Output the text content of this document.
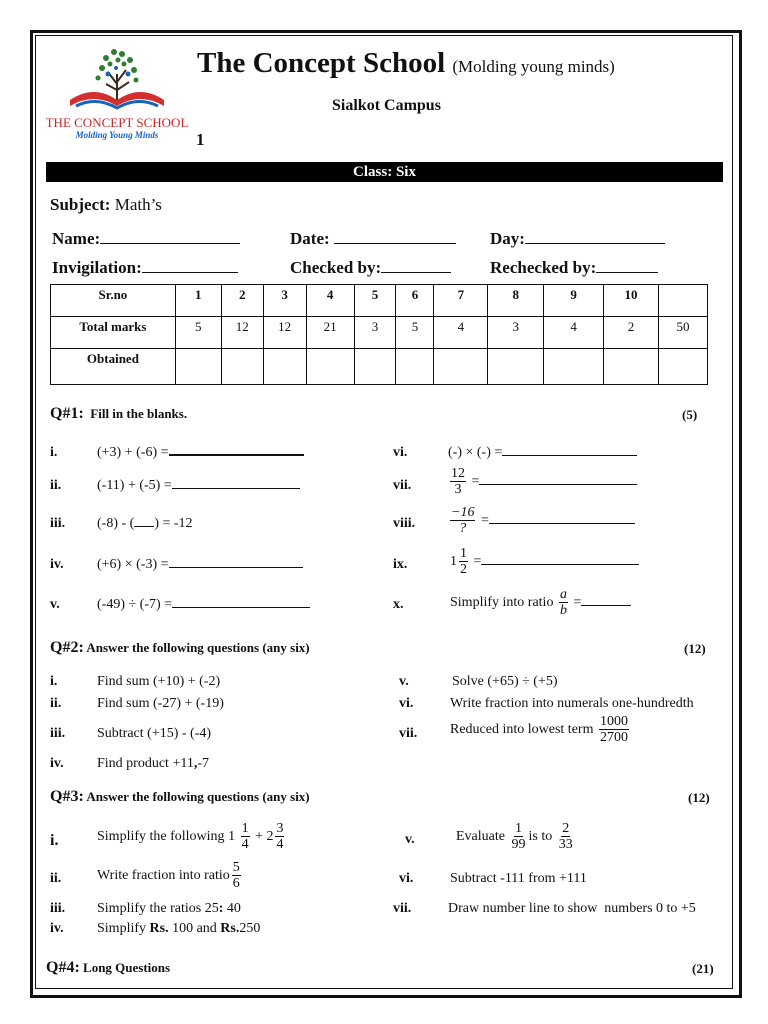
THE CONCEPT SCHOOL
Molding Young Minds
The Concept School (Molding young minds)
Sialkot Campus
1
Class: Six
Subject: Math’s
Name:	Date:	Day:
Invigilation:	Checked by:	Rechecked by:
Sr.no	1	2	3	4	5	6	7	8	9	10	
Total marks	5	12	12	21	3	5	4	3	4	2	50
Obtained											
Q#1: Fill in the blanks.	(5)
i.	(+3) + (-6) =
ii.	(-11) + (-5) =
iii. (-8) - ( ) = -12
iv. (+6) × (-3) =
v.	(-49) ÷ (-7) =
vi.	(-) × (-) =
vii.	$\frac{12}{3}$ =
viii. $\frac{-16}{?}$ =
ix.	$1 \frac{1}{2}$ =
x.	Simplify into ratio $\frac{a}{b}$ =
Q#2: Answer the following questions (any six)	(12)
i.	Find sum (+10) + (-2)
ii.	Find sum (-27) + (-19)
iii. Subtract (+15) - (-4)
iv. Find product +11,-7
v.	Solve (+65) ÷ (+5)
vi.	Write fraction into numerals one-hundredth
vii. Reduced into lowest term $\frac{1000}{2700}$
Q#3: Answer the following questions (any six)	(12)
i.	Simplify the following $1 \frac{1}{4} + 2 \frac{3}{4}$
ii.	Write fraction into ratio $\frac{5}{6}$
iii. Simplify the ratios 25: 40
iv. Simplify Rs. 100 and Rs.250
v.	Evaluate $\frac{1}{99}$ is to $\frac{2}{33}$
vi.	Subtract -111 from +111
vii.	Draw number line to show  numbers 0 to +5
Q#4: Long Questions	(21)
